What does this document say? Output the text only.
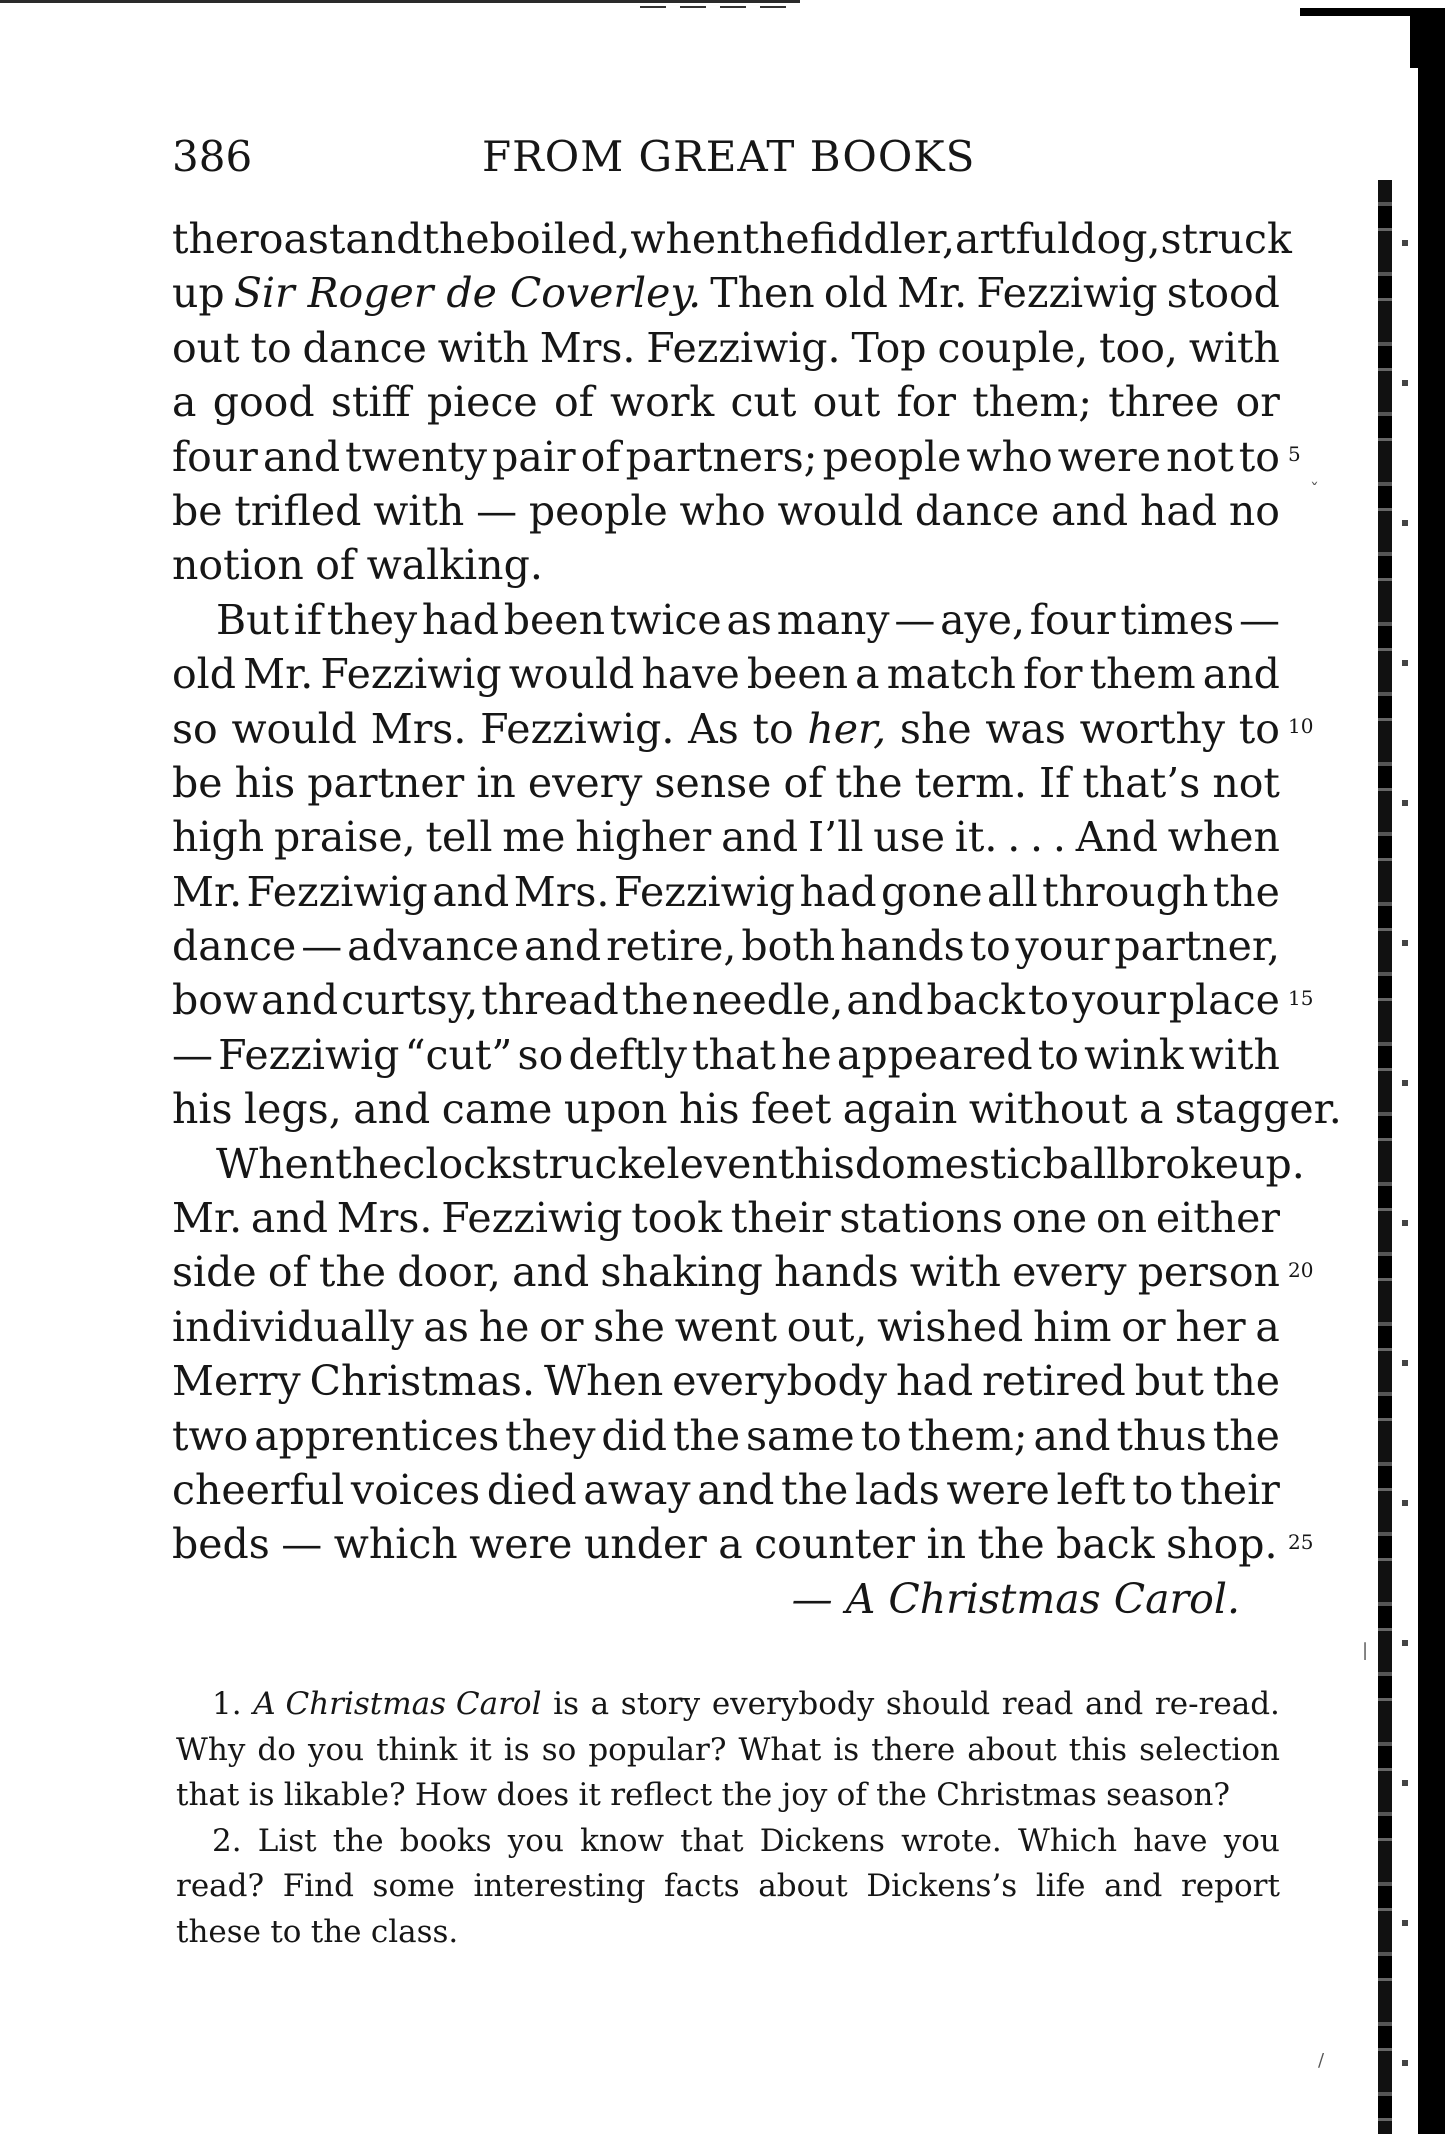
ˇ
|
/
386	FROM GREAT BOOKS
the roast and the boiled, when the fiddler, artful dog, struck
up Sir Roger de Coverley. Then old Mr. Fezziwig stood
out to dance with Mrs. Fezziwig. Top couple, too, with
a good stiff piece of work cut out for them; three or
four and twenty pair of partners; people who were not to
be trifled with — people who would dance and had no
notion of walking.
But if they had been twice as many — aye, four times —
old Mr. Fezziwig would have been a match for them and
so would Mrs. Fezziwig. As to her, she was worthy to
be his partner in every sense of the term. If that’s not
high praise, tell me higher and I’ll use it. . . . And when
Mr. Fezziwig and Mrs. Fezziwig had gone all through the
dance — advance and retire, both hands to your partner,
bow and curtsy, thread the needle, and back to your place
— Fezziwig “cut” so deftly that he appeared to wink with
his legs, and came upon his feet again without a stagger.
When the clock struck eleven this domestic ball broke up.
Mr. and Mrs. Fezziwig took their stations one on either
side of the door, and shaking hands with every person
individually as he or she went out, wished him or her a
Merry Christmas. When everybody had retired but the
two apprentices they did the same to them; and thus the
cheerful voices died away and the lads were left to their
beds — which were under a counter in the back shop.
— A Christmas Carol.
5
10
15
20
25
1. A Christmas Carol is a story everybody should read and re-read.
Why do you think it is so popular? What is there about this selection
that is likable? How does it reflect the joy of the Christmas season?
2. List the books you know that Dickens wrote. Which have you
read? Find some interesting facts about Dickens’s life and report
these to the class.
